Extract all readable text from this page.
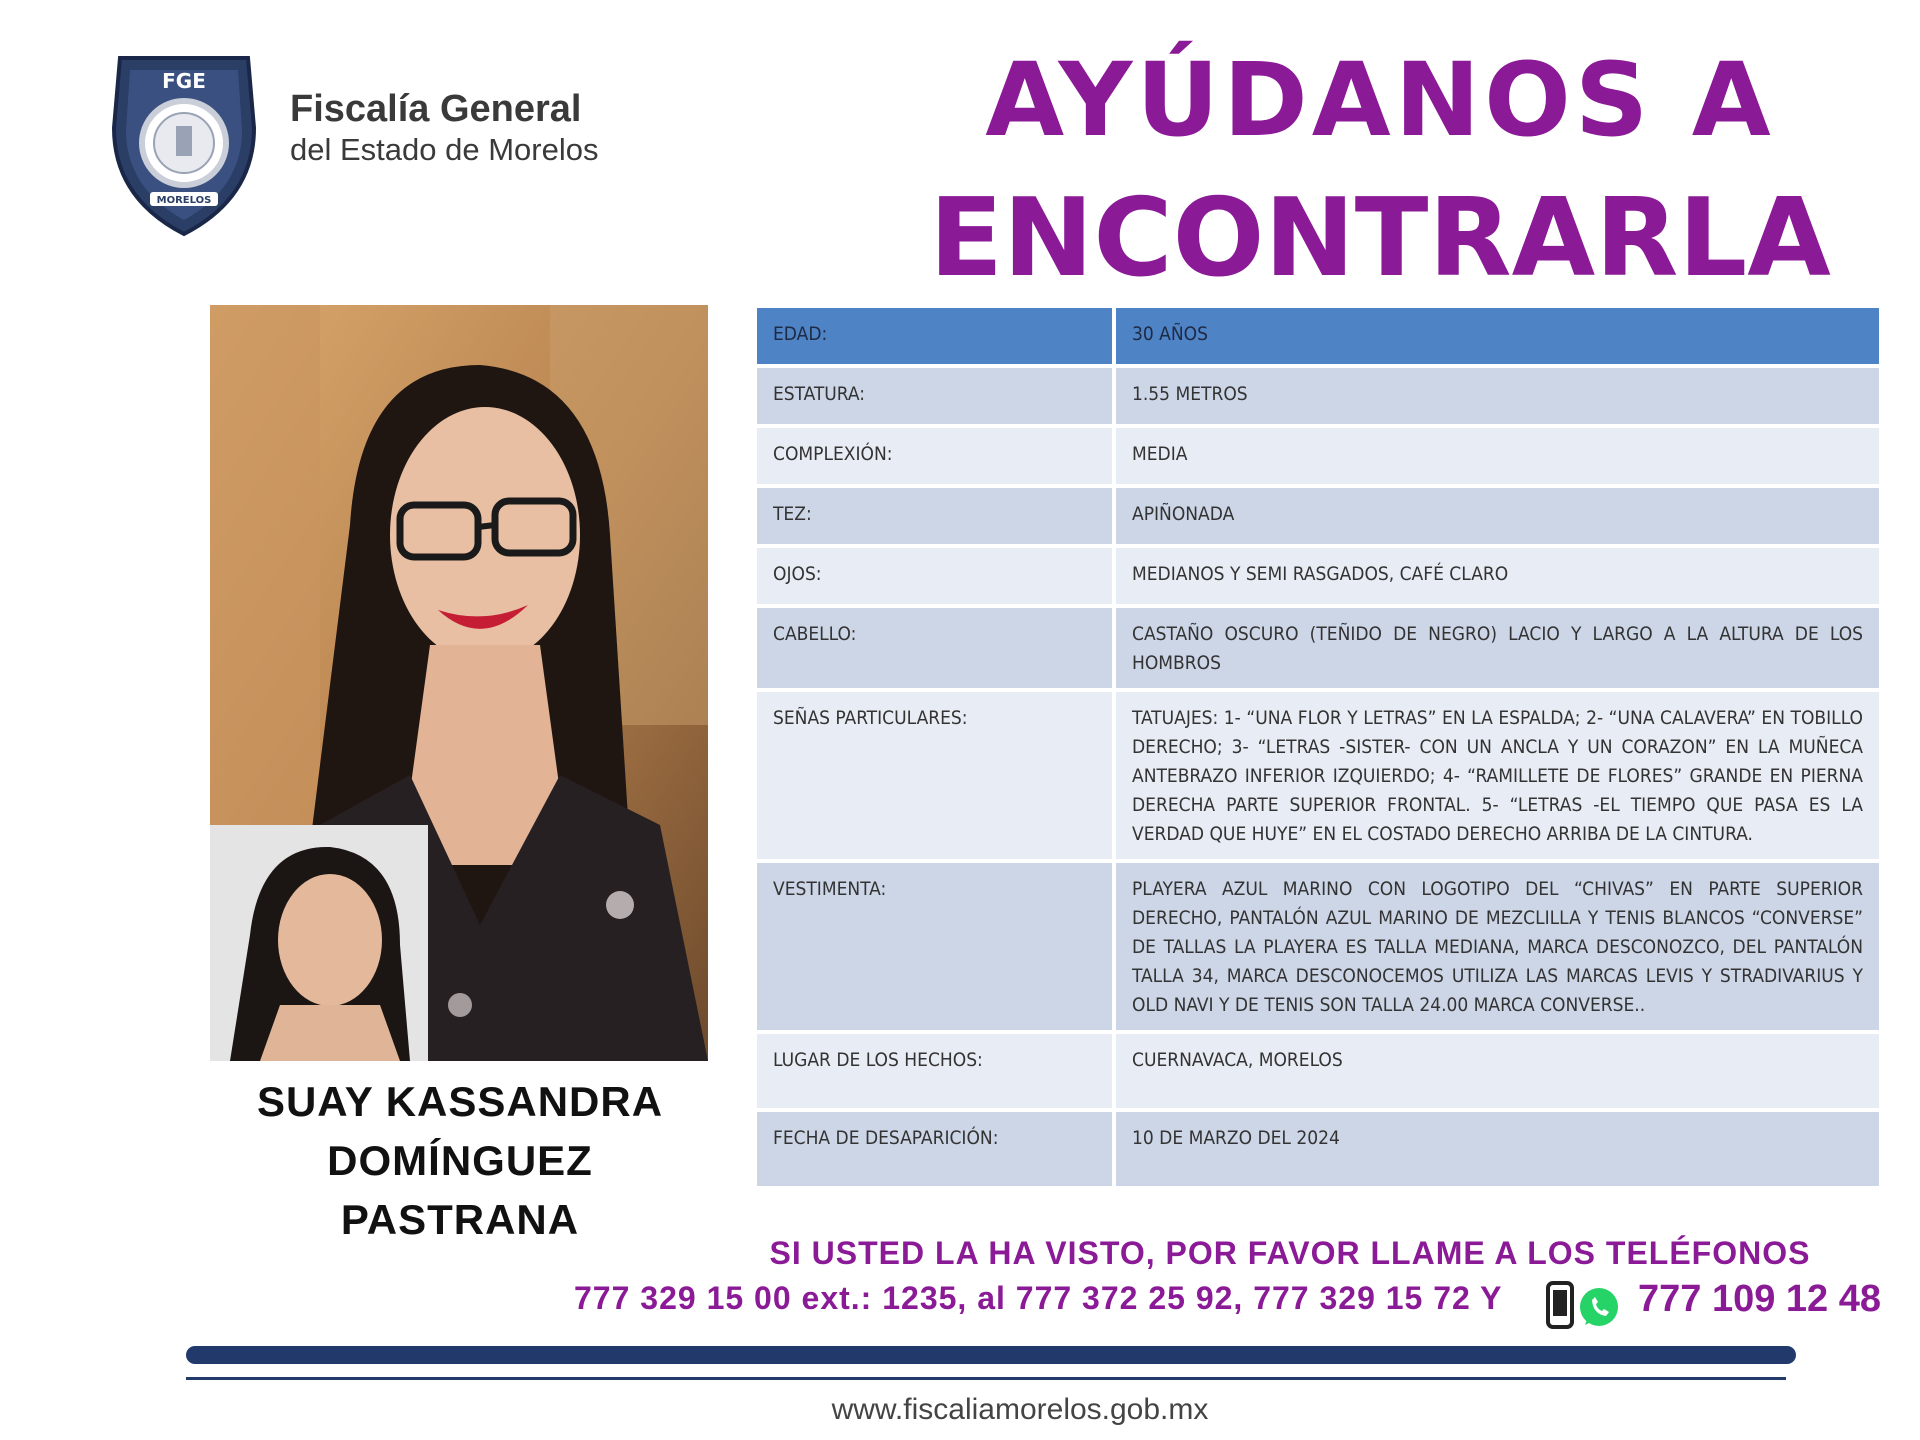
FGE
MORELOS
Fiscalía General
del Estado de Morelos	AYÚDANOS A
ENCONTRARLA
SUAY KASSANDRA
DOMÍNGUEZ
PASTRANA
EDAD:	30 AÑOS
ESTATURA:	1.55 METROS
COMPLEXIÓN:	MEDIA
TEZ:	APIÑONADA
OJOS:	MEDIANOS Y SEMI RASGADOS, CAFÉ CLARO
CABELLO:	CASTAÑO OSCURO (TEÑIDO DE NEGRO) LACIO Y LARGO A LA ALTURA DE LOS HOMBROS
SEÑAS PARTICULARES:	TATUAJES: 1- “UNA FLOR Y LETRAS” EN LA ESPALDA; 2- “UNA CALAVERA” EN TOBILLO DERECHO; 3- “LETRAS -SISTER- CON UN ANCLA Y UN CORAZON” EN LA MUÑECA ANTEBRAZO INFERIOR IZQUIERDO; 4- “RAMILLETE DE FLORES” GRANDE EN PIERNA DERECHA PARTE SUPERIOR FRONTAL. 5- “LETRAS -EL TIEMPO QUE PASA ES LA VERDAD QUE HUYE” EN EL COSTADO DERECHO ARRIBA DE LA CINTURA.
VESTIMENTA:	PLAYERA AZUL MARINO CON LOGOTIPO DEL “CHIVAS” EN PARTE SUPERIOR DERECHO, PANTALÓN AZUL MARINO DE MEZCLILLA Y TENIS BLANCOS “CONVERSE” DE TALLAS LA PLAYERA ES TALLA MEDIANA, MARCA DESCONOZCO, DEL PANTALÓN TALLA 34, MARCA DESCONOCEMOS UTILIZA LAS MARCAS LEVIS Y STRADIVARIUS Y OLD NAVI Y DE TENIS SON TALLA 24.00 MARCA CONVERSE..
LUGAR DE LOS HECHOS:	CUERNAVACA, MORELOS
FECHA DE DESAPARICIÓN:	10 DE MARZO DEL 2024
SI USTED LA HA VISTO, POR FAVOR LLAME A LOS TELÉFONOS
777 329 15 00 ext.: 1235, al 777 372 25 92, 777 329 15 72 Y	777 109 12 48
www.fiscaliamorelos.gob.mx
